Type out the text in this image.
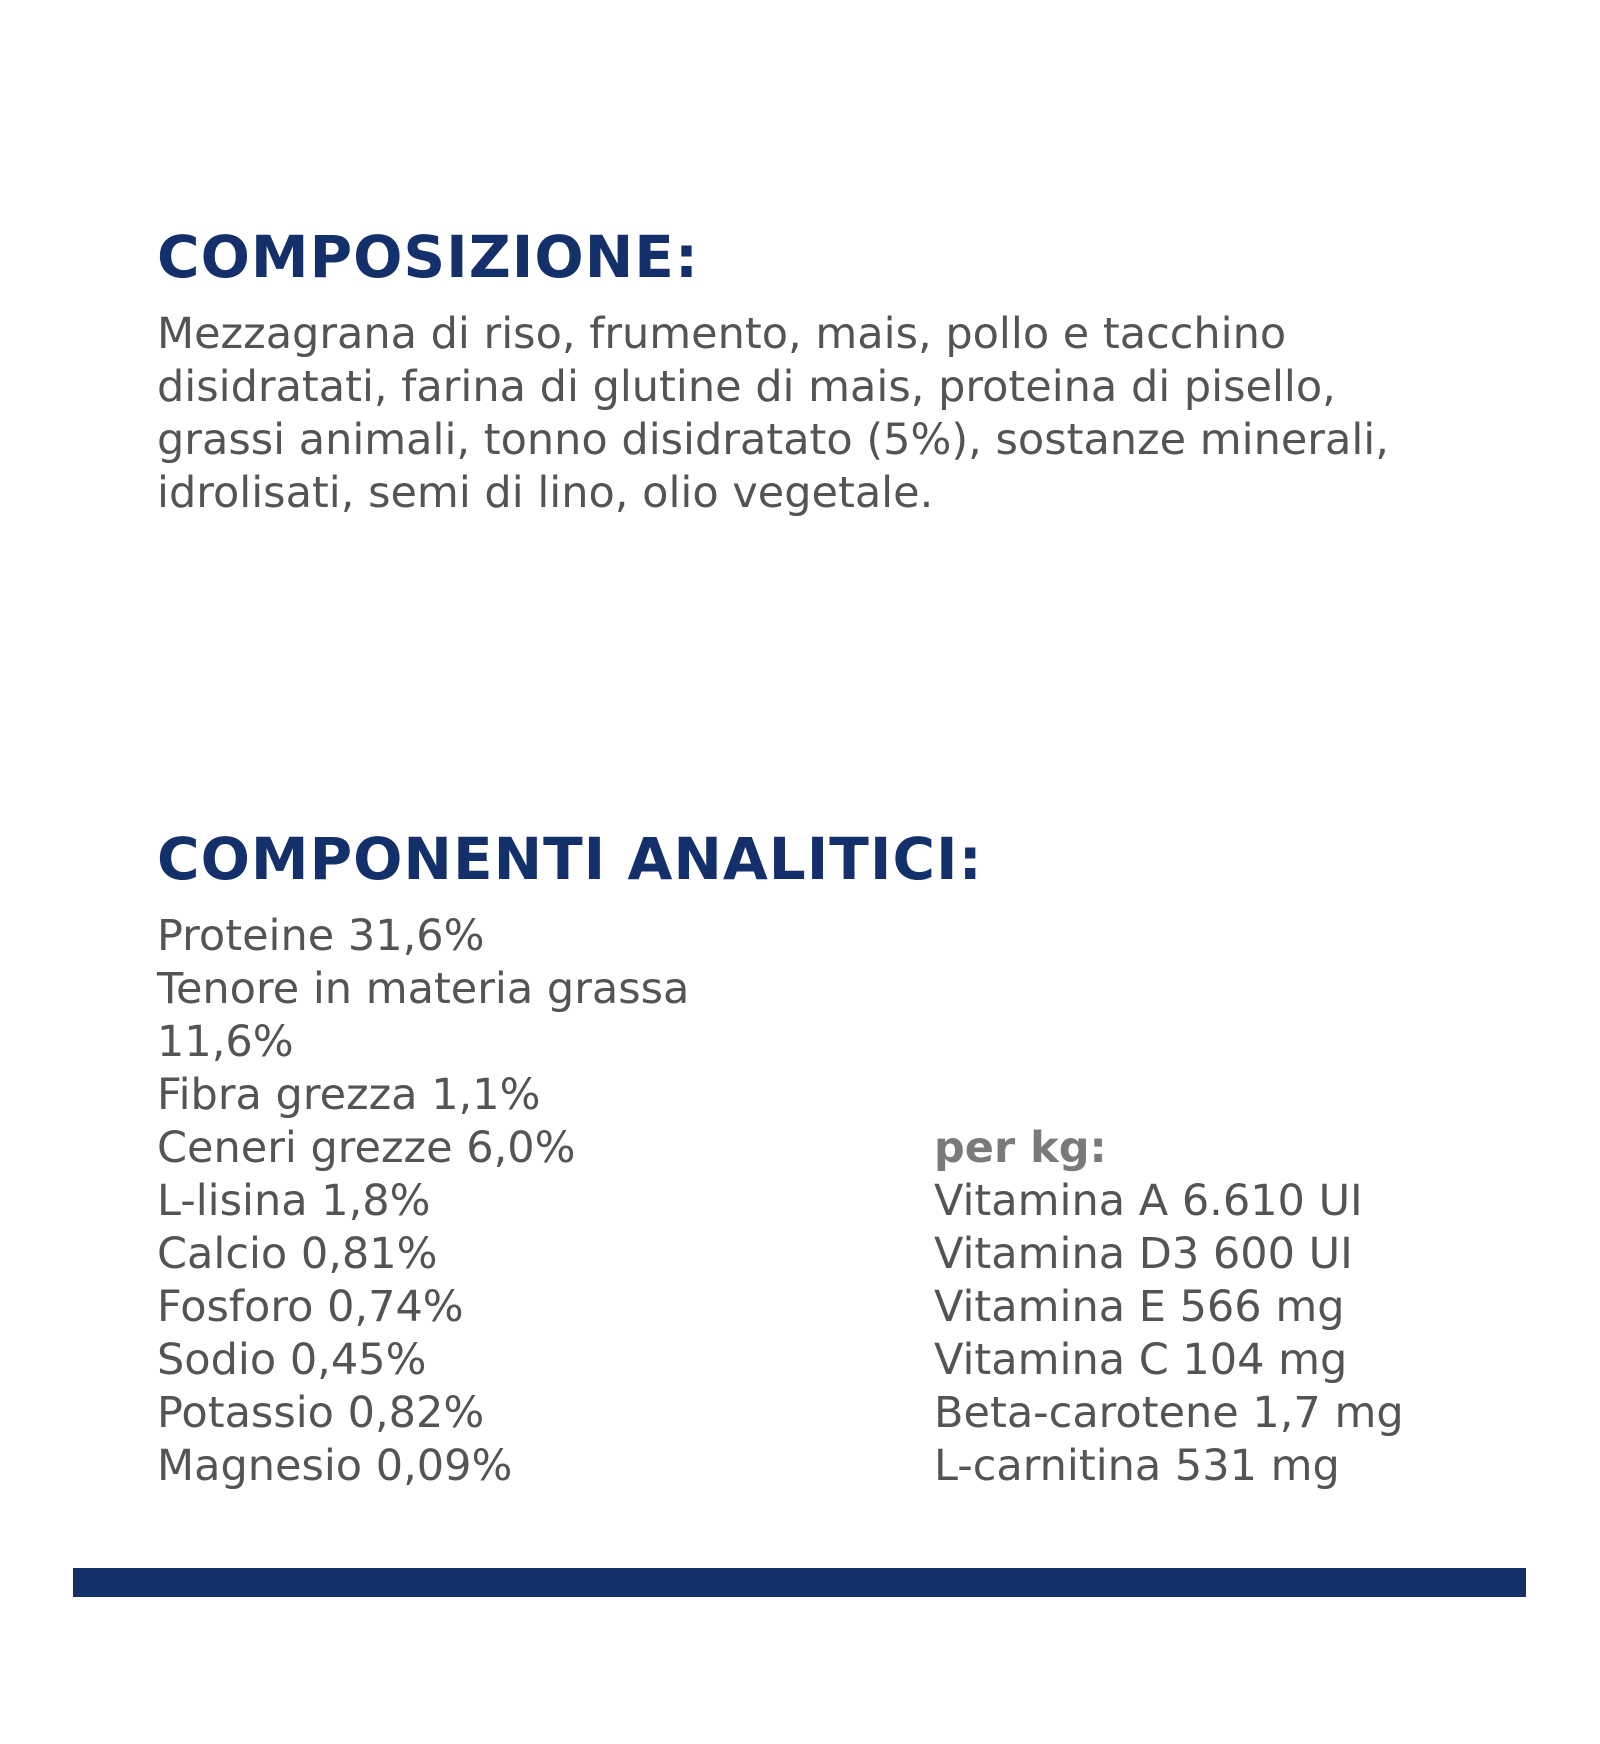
COMPOSIZIONE:

Mezzagrana di riso, frumento, mais, pollo e tacchino disidratati, farina di glutine di mais, proteina di pisello, grassi animali, tonno disidratato (5%), sostanze minerali, idrolisati, semi di lino, olio vegetale.

COMPONENTI ANALITICI:
Proteine 31,6%
Tenore in materia grassa 11,6%
Fibra grezza 1,1%
Ceneri grezze 6,0%
L-lisina 1,8%
Calcio 0,81%
Fosforo 0,74%
Sodio 0,45%
Potassio 0,82%
Magnesio 0,09%

per kg:

Vitamina A 6.610 UI
Vitamina D3 600 UI
Vitamina E 566 mg
Vitamina C 104 mg
Beta-carotene 1,7 mg
L-carnitina 531 mg
